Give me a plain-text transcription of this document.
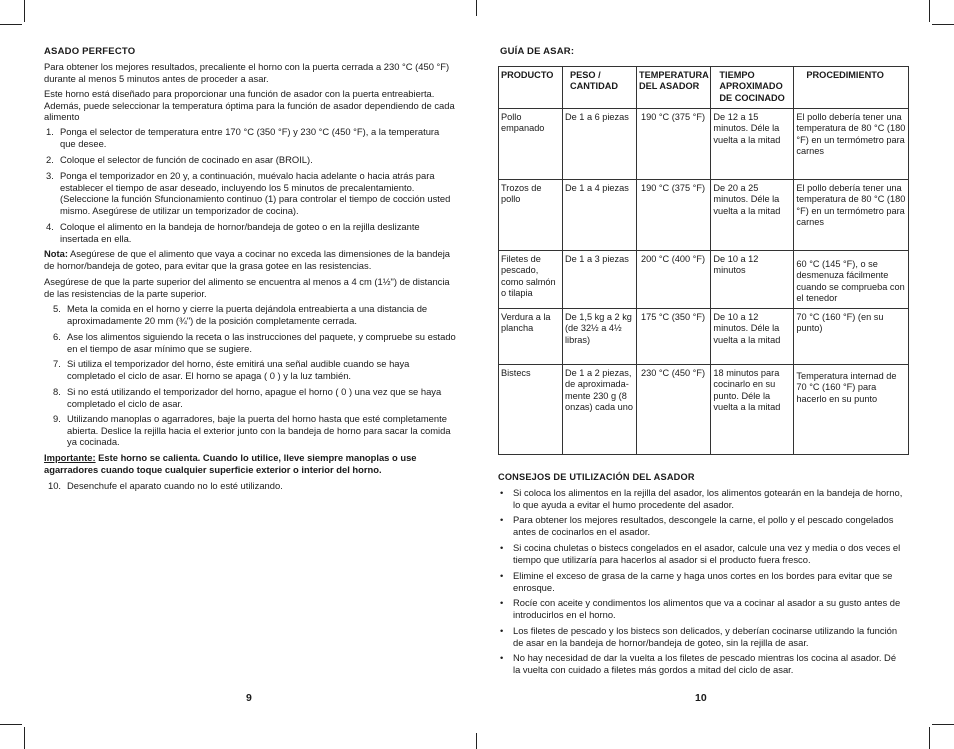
ASADO PERFECTO
Para obtener los mejores resultados, precaliente el horno con la puerta cerrada a 230 °C (450 °F) durante al menos 5 minutos antes de proceder a asar.
Este horno está diseñado para proporcionar una función de asador con la puerta entreabierta. Además, puede seleccionar la temperatura óptima para la función de asador dependiendo de cada alimento
1. Ponga el selector de temperatura entre 170 °C (350 °F) y 230 °C (450 °F), a la temperatura que desee.
2. Coloque el selector de función de cocinado en asar (BROIL).
3. Ponga el temporizador en 20 y, a continuación, muévalo hacia adelante o hacia atrás para establecer el tiempo de asar deseado, incluyendo los 5 minutos de precalentamiento. (Seleccione la función Sfuncionamiento continuo (1) para controlar el tiempo de cocción usted mismo. Asegúrese de utilizar un temporizador de cocina).
4. Coloque el alimento en la bandeja de hornor/bandeja de goteo o en la rejilla deslizante insertada en ella.
Nota: Asegúrese de que el alimento que vaya a cocinar no exceda las dimensiones de la bandeja de hornor/bandeja de goteo, para evitar que la grasa gotee en las resistencias.
Asegúrese de que la parte superior del alimento se encuentra al menos a 4 cm (1½") de distancia de las resistencias de la parte superior.
5. Meta la comida en el horno y cierre la puerta dejándola entreabierta a una distancia de aproximadamente 20 mm (¾") de la posición completamente cerrada.
6. Ase los alimentos siguiendo la receta o las instrucciones del paquete, y compruebe su estado en el tiempo de asar mínimo que se sugiere.
7. Si utiliza el temporizador del horno, éste emitirá una señal audible cuando se haya completado el ciclo de asar. El horno se apaga ( 0 ) y la luz también.
8. Si no está utilizando el temporizador del horno, apague el horno ( 0 ) una vez que se haya completado el ciclo de asar.
9. Utilizando manoplas o agarradores, baje la puerta del horno hasta que esté completamente abierta. Deslice la rejilla hacia el exterior junto con la bandeja de horno para sacar la comida ya cocinada.
Importante: Este horno se calienta. Cuando lo utilice, lleve siempre manoplas o use agarradores cuando toque cualquier superficie exterior o interior del horno.
10. Desenchufe el aparato cuando no lo esté utilizando.
9
GUÍA DE ASAR:
PRODUCTO	PESO / CANTIDAD	TEMPERATURA DEL ASADOR	TIEMPO APROXIMADO DE COCINADO	PROCEDIMIENTO
Pollo empanado	De 1 a 6 piezas	190 °C (375 °F)	De 12 a 15 minutos. Déle la vuelta a la mitad	El pollo debería tener una temperatura de 80 °C (180 °F) en un termómetro para carnes
Trozos de pollo	De 1 a 4 piezas	190 °C (375 °F)	De 20 a 25 minutos. Déle la vuelta a la mitad	El pollo debería tener una temperatura de 80 °C (180 °F) en un termómetro para carnes
Filetes de pescado, como salmón o tilapia	De 1 a 3 piezas	200 °C (400 °F)	De 10 a 12 minutos	60 °C (145 °F), o se desmenuza fácilmente cuando se comprueba con el tenedor
Verdura a la plancha	De 1,5 kg a 2 kg (de 32½ a 4½ libras)	175 °C (350 °F)	De 10 a 12 minutos. Déle la vuelta a la mitad	70 °C (160 °F) (en su punto)
Bistecs	De 1 a 2 piezas, de aproximada-mente 230 g (8 onzas) cada uno	230 °C (450 °F)	18 minutos para cocinarlo en su punto. Déle la vuelta a la mitad	Temperatura internad de 70 °C (160 °F) para hacerlo en su punto
CONSEJOS DE UTILIZACIÓN DEL ASADOR
• Si coloca los alimentos en la rejilla del asador, los alimentos gotearán en la bandeja de horno, lo que ayuda a evitar el humo procedente del asador.
• Para obtener los mejores resultados, descongele la carne, el pollo y el pescado congelados antes de cocinarlos en el asador.
• Si cocina chuletas o bistecs congelados en el asador, calcule una vez y media o dos veces el tiempo que utilizaría para hacerlos al asador si el producto fuera fresco.
• Elimine el exceso de grasa de la carne y haga unos cortes en los bordes para evitar que se enrosque.
• Rocíe con aceite y condimentos los alimentos que va a cocinar al asador a su gusto antes de introducirlos en el horno.
• Los filetes de pescado y los bistecs son delicados, y deberían cocinarse utilizando la función de asar en la bandeja de hornor/bandeja de goteo, sin la rejilla de asar.
• No hay necesidad de dar la vuelta a los filetes de pescado mientras los cocina al asador. Dé la vuelta con cuidado a filetes más gordos a mitad del ciclo de asar.
10
